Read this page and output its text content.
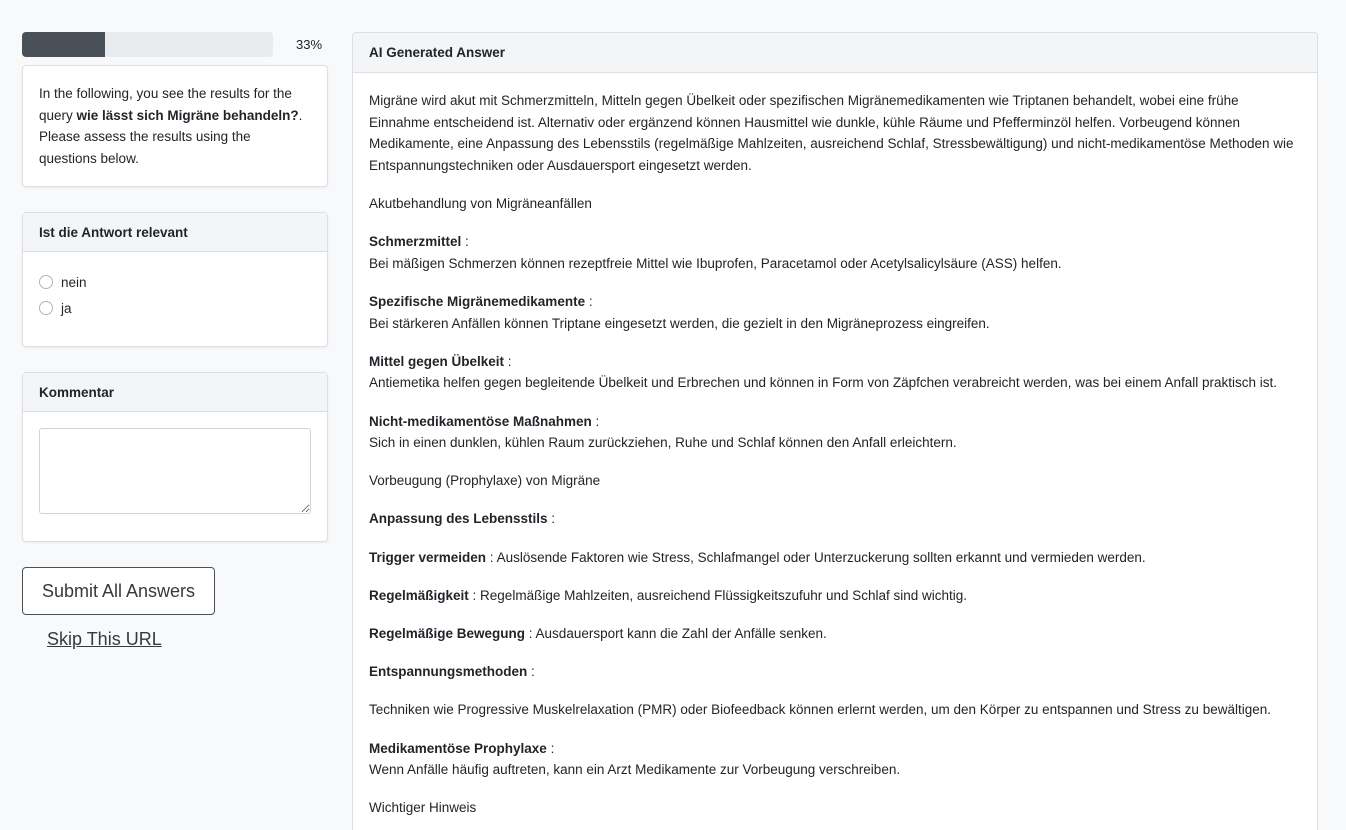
33%
In the following, you see the results for the query wie lässt sich Migräne behandeln?. Please assess the results using the questions below.
Ist die Antwort relevant
nein
ja
Kommentar
Submit All Answers
Skip This URL
AI Generated Answer

Migräne wird akut mit Schmerzmitteln, Mitteln gegen Übelkeit oder spezifischen Migränemedikamenten wie Triptanen behandelt, wobei eine frühe Einnahme entscheidend ist. Alternativ oder ergänzend können Hausmittel wie dunkle, kühle Räume und Pfefferminzöl helfen. Vorbeugend können Medikamente, eine Anpassung des Lebensstils (regelmäßige Mahlzeiten, ausreichend Schlaf, Stressbewältigung) und nicht-medikamentöse Methoden wie Entspannungstechniken oder Ausdauersport eingesetzt werden.

Akutbehandlung von Migräneanfällen

Schmerzmittel :
Bei mäßigen Schmerzen können rezeptfreie Mittel wie Ibuprofen, Paracetamol oder Acetylsalicylsäure (ASS) helfen.

Spezifische Migränemedikamente :
Bei stärkeren Anfällen können Triptane eingesetzt werden, die gezielt in den Migräneprozess eingreifen.

Mittel gegen Übelkeit :
Antiemetika helfen gegen begleitende Übelkeit und Erbrechen und können in Form von Zäpfchen verabreicht werden, was bei einem Anfall praktisch ist.

Nicht-medikamentöse Maßnahmen :
Sich in einen dunklen, kühlen Raum zurückziehen, Ruhe und Schlaf können den Anfall erleichtern.

Vorbeugung (Prophylaxe) von Migräne

Anpassung des Lebensstils :

Trigger vermeiden : Auslösende Faktoren wie Stress, Schlafmangel oder Unterzuckerung sollten erkannt und vermieden werden.

Regelmäßigkeit : Regelmäßige Mahlzeiten, ausreichend Flüssigkeitszufuhr und Schlaf sind wichtig.

Regelmäßige Bewegung : Ausdauersport kann die Zahl der Anfälle senken.

Entspannungsmethoden :

Techniken wie Progressive Muskelrelaxation (PMR) oder Biofeedback können erlernt werden, um den Körper zu entspannen und Stress zu bewältigen.

Medikamentöse Prophylaxe :
Wenn Anfälle häufig auftreten, kann ein Arzt Medikamente zur Vorbeugung verschreiben.

Wichtiger Hinweis
